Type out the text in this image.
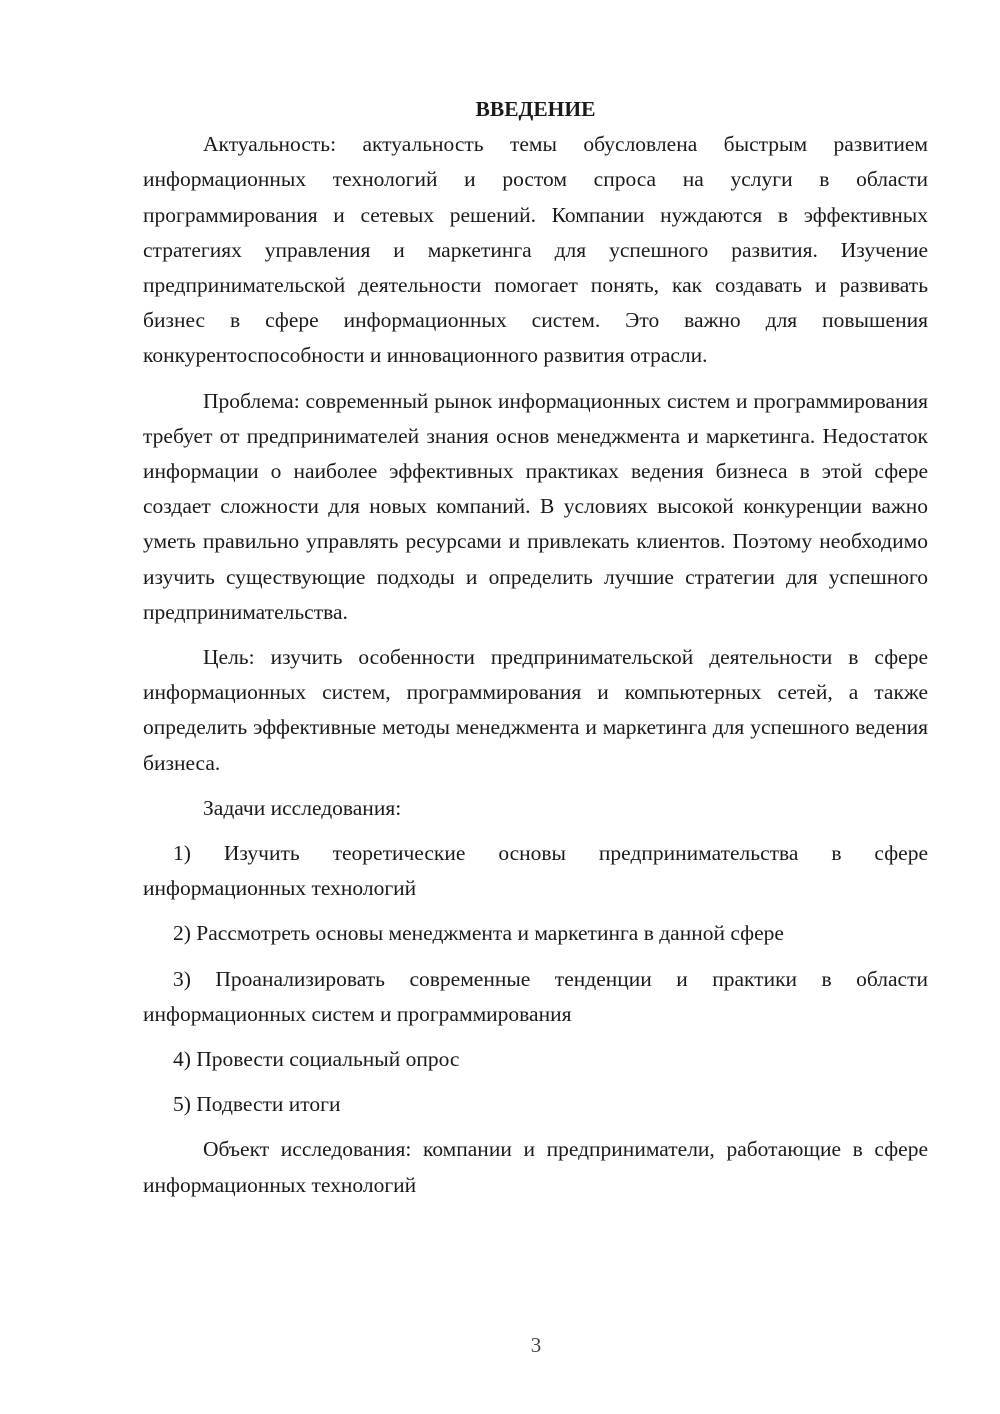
ВВЕДЕНИЕ

Актуальность: актуальность темы обусловлена быстрым развитием информационных технологий и ростом спроса на услуги в области программирования и сетевых решений. Компании нуждаются в эффективных стратегиях управления и маркетинга для успешного развития. Изучение предпринимательской деятельности помогает понять, как создавать и развивать бизнес в сфере информационных систем. Это важно для повышения конкурентоспособности и инновационного развития отрасли.

Проблема: современный рынок информационных систем и программирования требует от предпринимателей знания основ менеджмента и маркетинга. Недостаток информации о наиболее эффективных практиках ведения бизнеса в этой сфере создает сложности для новых компаний. В условиях высокой конкуренции важно уметь правильно управлять ресурсами и привлекать клиентов. Поэтому необходимо изучить существующие подходы и определить лучшие стратегии для успешного предпринимательства.

Цель: изучить особенности предпринимательской деятельности в сфере информационных систем, программирования и компьютерных сетей, а также определить эффективные методы менеджмента и маркетинга для успешного ведения бизнеса.

Задачи исследования:

1) Изучить теоретические основы предпринимательства в сфере информационных технологий

2) Рассмотреть основы менеджмента и маркетинга в данной сфере

3) Проанализировать современные тенденции и практики в области информационных систем и программирования

4) Провести социальный опрос

5) Подвести итоги

Объект исследования: компании и предприниматели, работающие в сфере информационных технологий

3
